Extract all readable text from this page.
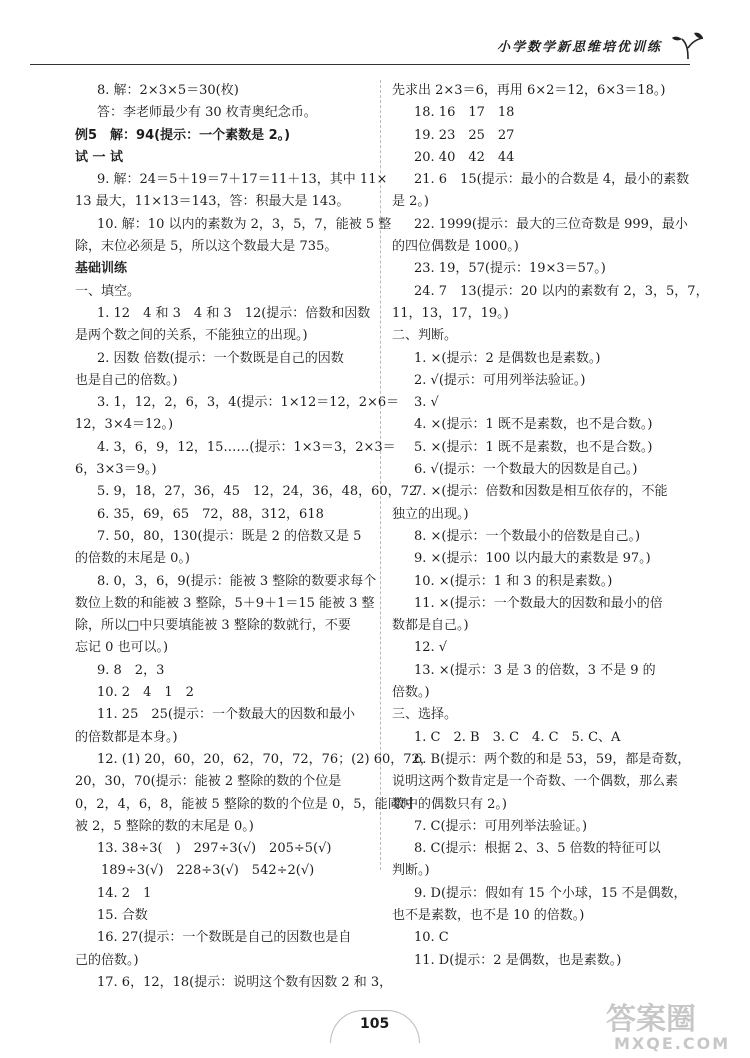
小学数学新思维培优训练
8. 解：2×3×5＝30(枚)
答：李老师最少有 30 枚青奥纪念币。
例5　解：94(提示：一个素数是 2。)
试 一 试
9. 解：24＝5＋19＝7＋17＝11＋13，其中 11×
13 最大，11×13＝143，答：积最大是 143。
10. 解：10 以内的素数为 2，3，5，7，能被 5 整
除，末位必须是 5，所以这个数最大是 735。
基础训练
一、填空。
1. 12　4 和 3　4 和 3　12(提示：倍数和因数
是两个数之间的关系，不能独立的出现。)
2. 因数 倍数(提示：一个数既是自己的因数
也是自己的倍数。)
3. 1，12，2，6，3，4(提示：1×12＝12，2×6＝
12，3×4＝12。)
4. 3，6，9，12，15……(提示：1×3＝3，2×3＝
6，3×3＝9。)
5. 9，18，27，36，45　12，24，36，48，60，72
6. 35，69，65　72，88，312，618
7. 50，80，130(提示：既是 2 的倍数又是 5
的倍数的末尾是 0。)
8. 0，3，6，9(提示：能被 3 整除的数要求每个
数位上数的和能被 3 整除，5＋9＋1＝15 能被 3 整
除，所以□中只要填能被 3 整除的数就行，不要
忘记 0 也可以。)
9. 8　2，3
10. 2　4　1　2
11. 25　25(提示：一个数最大的因数和最小
的倍数都是本身。)
12. (1) 20，60，20，62，70，72，76；(2) 60，72，
20，30，70(提示：能被 2 整除的数的个位是
0，2，4，6，8，能被 5 整除的数的个位是 0，5，能同时
被 2，5 整除的数的末尾是 0。)
13. 38÷3(　)　297÷3(√)　205÷5(√)
189÷3(√)　228÷3(√)　542÷2(√)
14. 2　1
15. 合数
16. 27(提示：一个数既是自己的因数也是自
己的倍数。)
17. 6，12，18(提示：说明这个数有因数 2 和 3，
先求出 2×3＝6，再用 6×2＝12，6×3＝18。)
18. 16　17　18
19. 23　25　27
20. 40　42　44
21. 6　15(提示：最小的合数是 4，最小的素数
是 2。)
22. 1999(提示：最大的三位奇数是 999，最小
的四位偶数是 1000。)
23. 19，57(提示：19×3＝57。)
24. 7　13(提示：20 以内的素数有 2，3，5，7，
11，13，17，19。)
二、判断。
1. ×(提示：2 是偶数也是素数。)
2. √(提示：可用列举法验证。)
3. √
4. ×(提示：1 既不是素数，也不是合数。)
5. ×(提示：1 既不是素数，也不是合数。)
6. √(提示：一个数最大的因数是自己。)
7. ×(提示：倍数和因数是相互依存的，不能
独立的出现。)
8. ×(提示：一个数最小的倍数是自己。)
9. ×(提示：100 以内最大的素数是 97。)
10. ×(提示：1 和 3 的积是素数。)
11. ×(提示：一个数最大的因数和最小的倍
数都是自己。)
12. √
13. ×(提示：3 是 3 的倍数，3 不是 9 的
倍数。)
三、选择。
1. C　2. B　3. C　4. C　5. C、A
6. B(提示：两个数的和是 53，59，都是奇数，
说明这两个数肯定是一个奇数、一个偶数，那么素
数中的偶数只有 2。)
7. C(提示：可用列举法验证。)
8. C(提示：根据 2、3、5 倍数的特征可以
判断。)
9. D(提示：假如有 15 个小球，15 不是偶数，
也不是素数，也不是 10 的倍数。)
10. C
11. D(提示：2 是偶数，也是素数。)
105	答案圈
MXQE.COM
